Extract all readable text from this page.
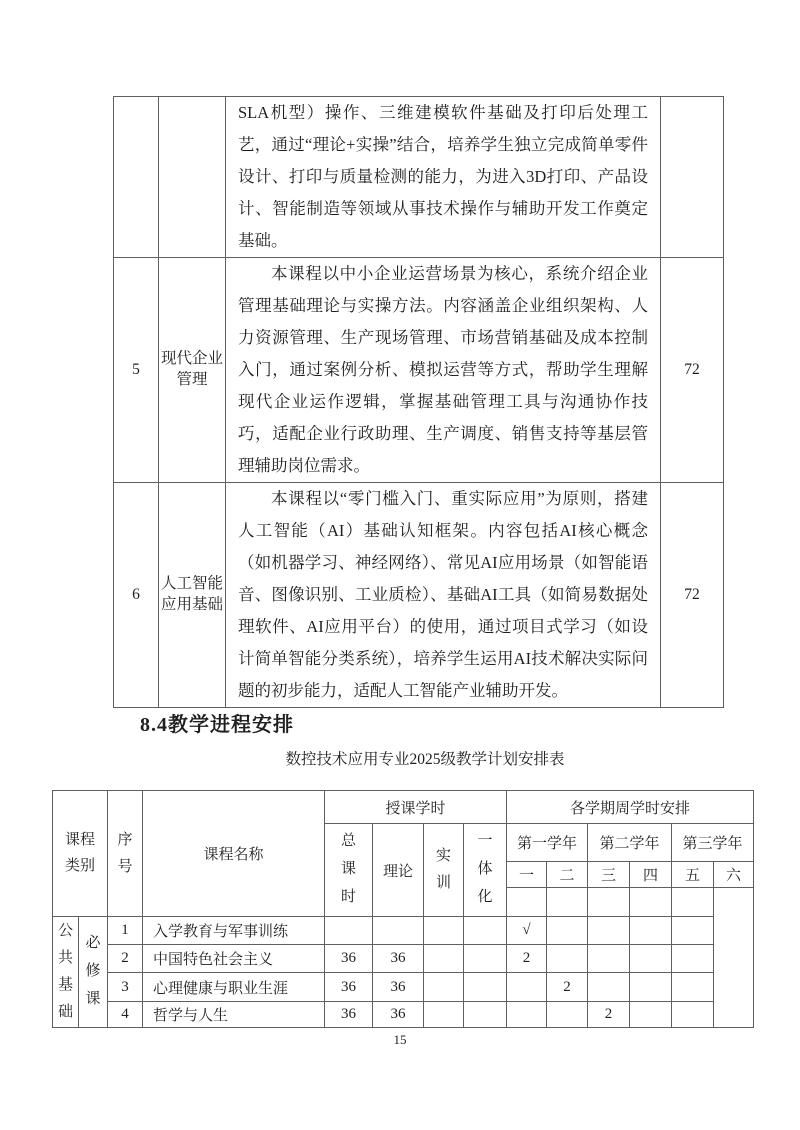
		SLA机型）操作、三维建模软件基础及打印后处理工艺，通过“理论+实操”结合，培养学生独立完成简单零件设计、打印与质量检测的能力，为进入3D打印、产品设计、智能制造等领域从事技术操作与辅助开发工作奠定基础。	
5	现代企业管理	本课程以中小企业运营场景为核心，系统介绍企业管理基础理论与实操方法。内容涵盖企业组织架构、人力资源管理、生产现场管理、市场营销基础及成本控制入门，通过案例分析、模拟运营等方式，帮助学生理解现代企业运作逻辑，掌握基础管理工具与沟通协作技巧，适配企业行政助理、生产调度、销售支持等基层管理辅助岗位需求。	72
6	人工智能应用基础	本课程以“零门槛入门、重实际应用”为原则，搭建人工智能（AI）基础认知框架。内容包括AI核心概念（如机器学习、神经网络）、常见AI应用场景（如智能语音、图像识别、工业质检）、基础AI工具（如简易数据处理软件、AI应用平台）的使用，通过项目式学习（如设计简单智能分类系统），培养学生运用AI技术解决实际问题的初步能力，适配人工智能产业辅助开发。	72
8.4教学进程安排
数控技术应用专业2025级教学计划安排表
课程类别		序号	课程名称	授课学时				各学期周学时安排					

				总课时	理论	实训	一体化	第一学年		第二学年		第三学年	
								一	二	三	四	五	六

公共基础	必修课	1	入学教育与军事训练					√					
		2	中国特色社会主义	36	36			2					
		3	心理健康与职业生涯	36	36				2				
		4	哲学与人生	36	36					2			
15
